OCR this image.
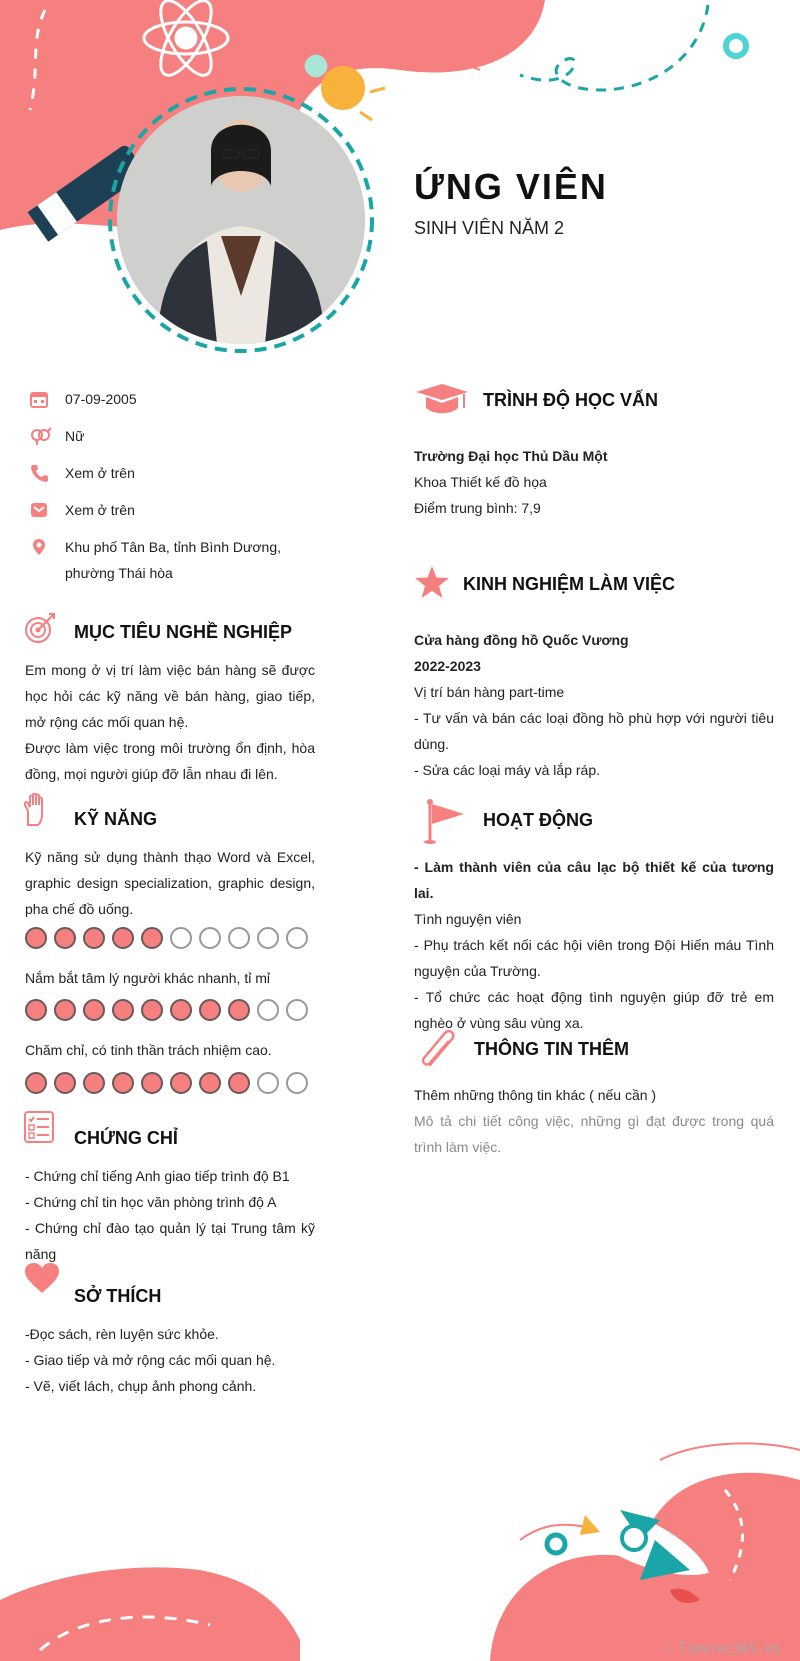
ỨNG VIÊN
SINH VIÊN NĂM 2
07-09-2005
Nữ
Xem ở trên
Xem ở trên
Khu phố Tân Ba, tỉnh Bình Dương, phường Thái hòa
MỤC TIÊU NGHỀ NGHIỆP

Em mong ở vị trí làm việc bán hàng sẽ được học hỏi các kỹ năng về bán hàng, giao tiếp, mở rộng các mối quan hệ.

Được làm việc trong môi trường ổn định, hòa đồng, mọi người giúp đỡ lẫn nhau đi lên.

KỸ NĂNG
Kỹ năng sử dụng thành thạo Word và Excel, graphic design specialization, graphic design, pha chế đồ uống.
Nắm bắt tâm lý người khác nhanh, tỉ mỉ
Chăm chỉ, có tinh thần trách nhiệm cao.
CHỨNG CHỈ

- Chứng chỉ tiếng Anh giao tiếp trình độ B1

- Chứng chỉ tin học văn phòng trình độ A

- Chứng chỉ đào tạo quản lý tại Trung tâm kỹ năng

SỞ THÍCH

-Đọc sách, rèn luyện sức khỏe.

- Giao tiếp và mở rộng các mối quan hệ.

- Vẽ, viết lách, chụp ảnh phong cảnh.

TRÌNH ĐỘ HỌC VẤN

Trường Đại học Thủ Dầu Một

Khoa Thiết kế đồ họa

Điểm trung bình: 7,9

KINH NGHIỆM LÀM VIỆC

Cửa hàng đồng hồ Quốc Vương

2022-2023

Vị trí bán hàng part-time

- Tư vấn và bán các loại đồng hồ phù hợp với người tiêu dùng.

- Sửa các loại máy và lắp ráp.

HOẠT ĐỘNG

- Làm thành viên của câu lạc bộ thiết kế của tương lai.

Tình nguyện viên

- Phụ trách kết nối các hội viên trong Đội Hiến máu Tình nguyện của Trường.

- Tổ chức các hoạt động tình nguyện giúp đỡ trẻ em nghèo ở vùng sâu vùng xa.

THÔNG TIN THÊM

Thêm những thông tin khác ( nếu cần )

Mô tả chi tiết công việc, những gì đạt được trong quá trình làm việc.

∴ Timviec365.vn
